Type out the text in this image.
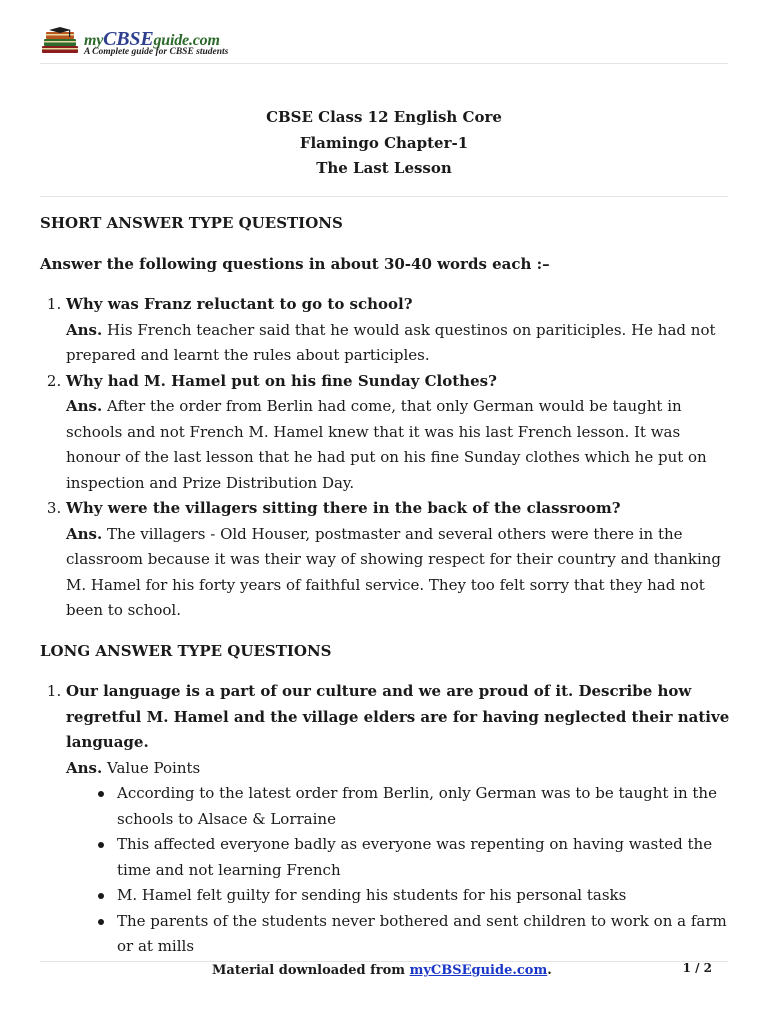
myCBSEguide.com
A Complete guide for CBSE students
CBSE Class 12 English Core
Flamingo Chapter-1
The Last Lesson
SHORT ANSWER TYPE QUESTIONS
Answer the following questions in about 30-40 words each :–
1. Why was Franz reluctant to go to school?
Ans. His French teacher said that he would ask questinos on pariticiples. He had not prepared and learnt the rules about participles.
2. Why had M. Hamel put on his fine Sunday Clothes?
Ans. After the order from Berlin had come, that only German would be taught in schools and not French M. Hamel knew that it was his last French lesson. It was honour of the last lesson that he had put on his fine Sunday clothes which he put on inspection and Prize Distribution Day.
3. Why were the villagers sitting there in the back of the classroom?
Ans. The villagers - Old Houser, postmaster and several others were there in the classroom because it was their way of showing respect for their country and thanking M. Hamel for his forty years of faithful service. They too felt sorry that they had not been to school.
LONG ANSWER TYPE QUESTIONS
1. Our language is a part of our culture and we are proud of it. Describe how regretful M. Hamel and the village elders are for having neglected their native language.
Ans. Value Points
According to the latest order from Berlin, only German was to be taught in the schools to Alsace & Lorraine
This affected everyone badly as everyone was repenting on having wasted the time and not learning French
M. Hamel felt guilty for sending his students for his personal tasks
The parents of the students never bothered and sent children to work on a farm or at mills
Material downloaded from myCBSEguide.com.	1 / 2
